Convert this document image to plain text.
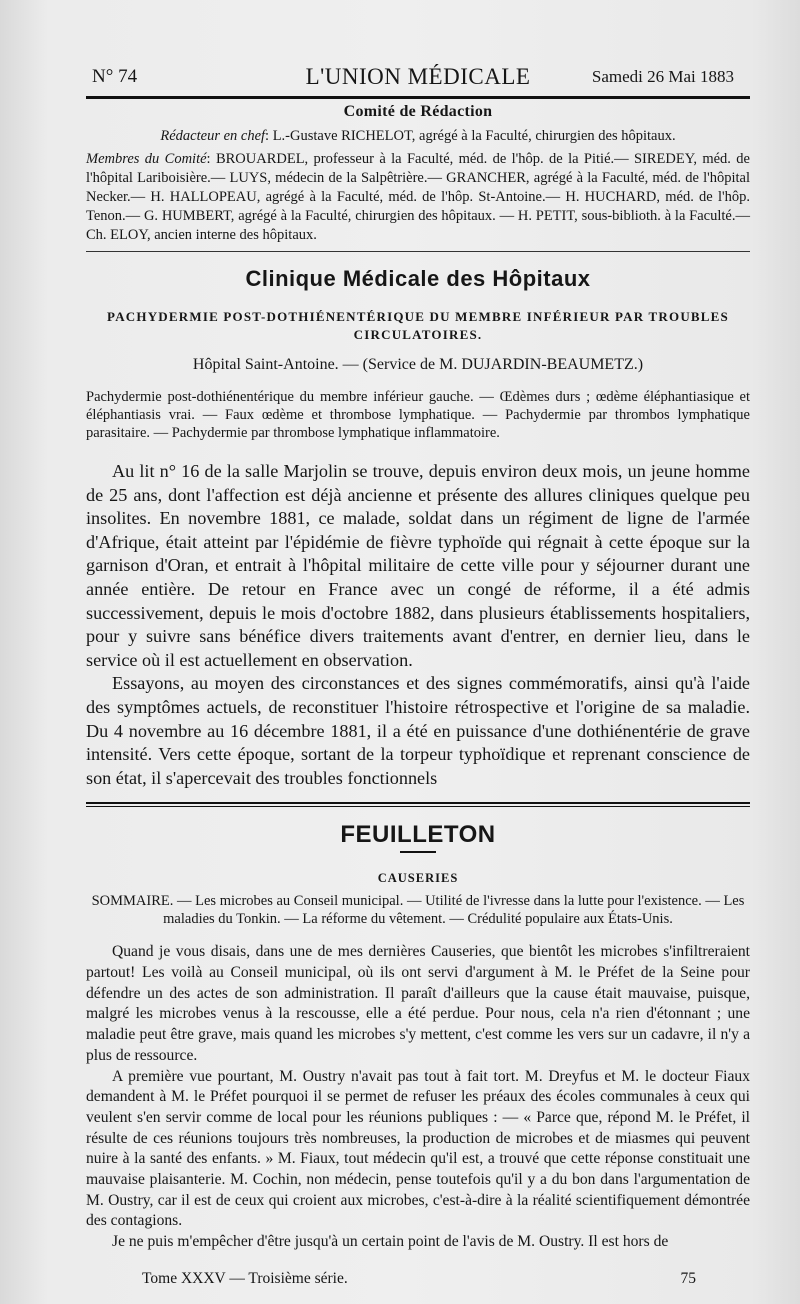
N° 74	L'UNION MÉDICALE	Samedi 26 Mai 1883
Comité de Rédaction

Rédacteur en chef: L.-Gustave RICHELOT, agrégé à la Faculté, chirurgien des hôpitaux.

Membres du Comité: BROUARDEL, professeur à la Faculté, méd. de l'hôp. de la Pitié.— SIREDEY, méd. de l'hôpital Lariboisière.— LUYS, médecin de la Salpêtrière.— GRANCHER, agrégé à la Faculté, méd. de l'hôpital Necker.— H. HALLOPEAU, agrégé à la Faculté, méd. de l'hôp. St-Antoine.— H. HUCHARD, méd. de l'hôp. Tenon.— G. HUMBERT, agrégé à la Faculté, chirurgien des hôpitaux. — H. PETIT, sous-biblioth. à la Faculté.— Ch. ELOY, ancien interne des hôpitaux.

Clinique Médicale des Hôpitaux
PACHYDERMIE POST-DOTHIÉNENTÉRIQUE DU MEMBRE INFÉRIEUR PAR TROUBLES CIRCULATOIRES.
Hôpital Saint-Antoine. — (Service de M. DUJARDIN-BEAUMETZ.)
Pachydermie post-dothiénentérique du membre inférieur gauche. — Œdèmes durs ; œdème éléphantiasique et éléphantiasis vrai. — Faux œdème et thrombose lymphatique. — Pachydermie par thrombos lymphatique parasitaire. — Pachydermie par thrombose lymphatique inflammatoire.

Au lit n° 16 de la salle Marjolin se trouve, depuis environ deux mois, un jeune homme de 25 ans, dont l'affection est déjà ancienne et présente des allures cliniques quelque peu insolites. En novembre 1881, ce malade, soldat dans un régiment de ligne de l'armée d'Afrique, était atteint par l'épidémie de fièvre typhoïde qui régnait à cette époque sur la garnison d'Oran, et entrait à l'hôpital militaire de cette ville pour y séjourner durant une année entière. De retour en France avec un congé de réforme, il a été admis successivement, depuis le mois d'octobre 1882, dans plusieurs établissements hospitaliers, pour y suivre sans bénéfice divers traitements avant d'entrer, en dernier lieu, dans le service où il est actuellement en observation.

Essayons, au moyen des circonstances et des signes commémoratifs, ainsi qu'à l'aide des symptômes actuels, de reconstituer l'histoire rétrospective et l'origine de sa maladie. Du 4 novembre au 16 décembre 1881, il a été en puissance d'une dothiénentérie de grave intensité. Vers cette époque, sortant de la torpeur typhoïdique et reprenant conscience de son état, il s'apercevait des troubles fonctionnels

FEUILLETON
CAUSERIES
SOMMAIRE. — Les microbes au Conseil municipal. — Utilité de l'ivresse dans la lutte pour l'existence. — Les maladies du Tonkin. — La réforme du vêtement. — Crédulité populaire aux États-Unis.

Quand je vous disais, dans une de mes dernières Causeries, que bientôt les microbes s'infiltreraient partout! Les voilà au Conseil municipal, où ils ont servi d'argument à M. le Préfet de la Seine pour défendre un des actes de son administration. Il paraît d'ailleurs que la cause était mauvaise, puisque, malgré les microbes venus à la rescousse, elle a été perdue. Pour nous, cela n'a rien d'étonnant ; une maladie peut être grave, mais quand les microbes s'y mettent, c'est comme les vers sur un cadavre, il n'y a plus de ressource.

A première vue pourtant, M. Oustry n'avait pas tout à fait tort. M. Dreyfus et M. le docteur Fiaux demandent à M. le Préfet pourquoi il se permet de refuser les préaux des écoles communales à ceux qui veulent s'en servir comme de local pour les réunions publiques : — « Parce que, répond M. le Préfet, il résulte de ces réunions toujours très nombreuses, la production de microbes et de miasmes qui peuvent nuire à la santé des enfants. » M. Fiaux, tout médecin qu'il est, a trouvé que cette réponse constituait une mauvaise plaisanterie. M. Cochin, non médecin, pense toutefois qu'il y a du bon dans l'argumentation de M. Oustry, car il est de ceux qui croient aux microbes, c'est-à-dire à la réalité scientifiquement démontrée des contagions.

Je ne puis m'empêcher d'être jusqu'à un certain point de l'avis de M. Oustry. Il est hors de

Tome XXXV — Troisième série.	75
